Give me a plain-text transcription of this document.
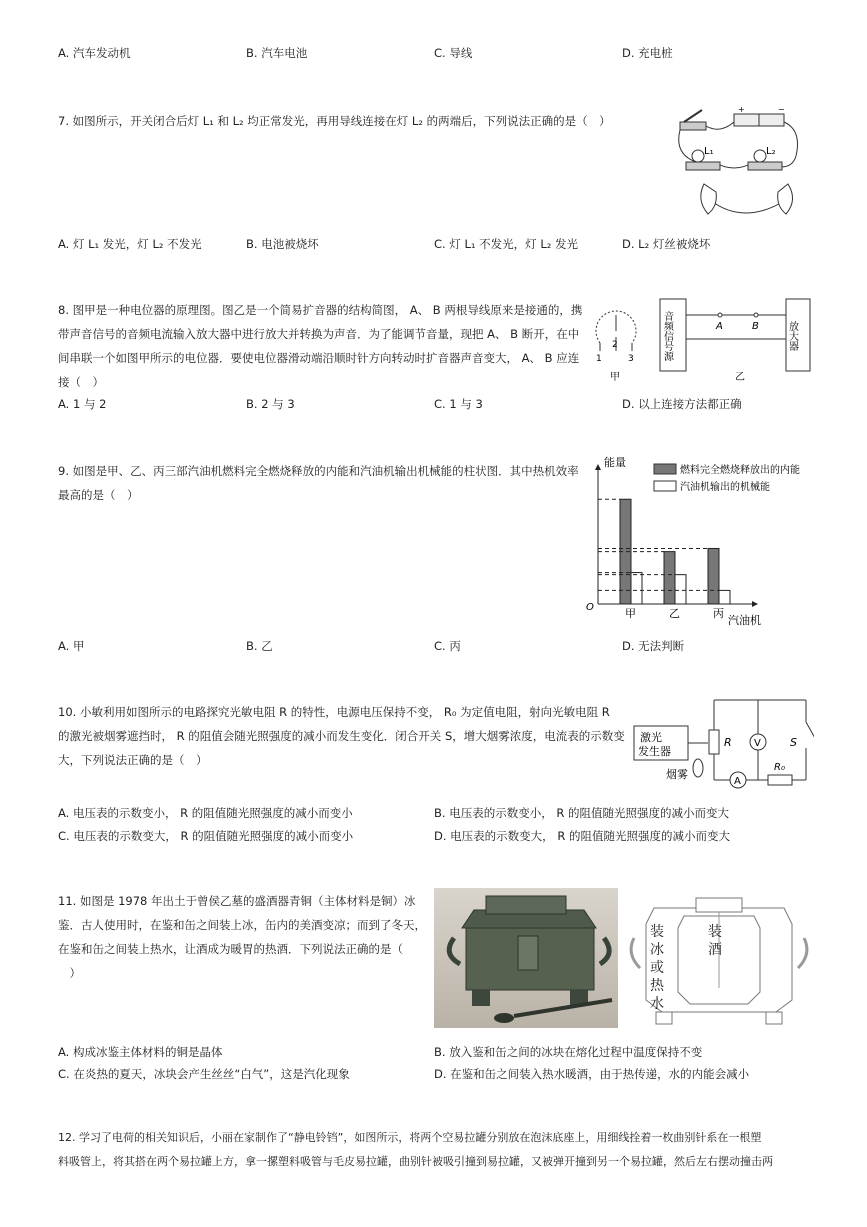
A. 汽车发动机	B. 汽车电池	C. 导线	D. 充电桩
7. 如图所示，开关闭合后灯 L₁ 和 L₂ 均正常发光，再用导线连接在灯 L₂ 的两端后，下列说法正确的是（　）
+	−
L₁	L₂
A. 灯 L₁ 发光，灯 L₂ 不发光	B. 电池被烧坏	C. 灯 L₁ 不发光，灯 L₂ 发光	D. L₂ 灯丝被烧坏
8. 图甲是一种电位器的原理图。图乙是一个简易扩音器的结构简图， A、 B 两根导线原来是接通的，携
带声音信号的音频电流输入放大器中进行放大并转换为声音．为了能调节音量，现把 A、 B 断开，在中
间串联一个如图甲所示的电位器．要使电位器滑动端沿顺时针方向转动时扩音器声音变大， A、 B 应连
接（　）
1
2
3
甲
音频信号源	放大器
A	B
乙
A. 1 与 2	B. 2 与 3	C. 1 与 3	D. 以上连接方法都正确
9. 如图是甲、乙、丙三部汽油机燃料完全燃烧释放的内能和汽油机输出机械能的柱状图．其中热机效率
最高的是（　）
能量
O
汽油机
燃料完全燃烧释放出的内能
汽油机输出的机械能
甲	乙	丙
A. 甲	B. 乙	C. 丙	D. 无法判断
10. 小敏利用如图所示的电路探究光敏电阻 R 的特性，电源电压保持不变， R₀ 为定值电阻，射向光敏电阻 R
的激光被烟雾遮挡时， R 的阻值会随光照强度的减小而发生变化．闭合开关 S，增大烟雾浓度，电流表的示数变
大，下列说法正确的是（　）
激光
发生器
烟雾
R V	S
A
R₀
A. 电压表的示数变小， R 的阻值随光照强度的减小而变小	B. 电压表的示数变小， R 的阻值随光照强度的减小而变大
C. 电压表的示数变大， R 的阻值随光照强度的减小而变小	D. 电压表的示数变大， R 的阻值随光照强度的减小而变大
11. 如图是 1978 年出土于曾侯乙墓的盛酒器青铜（主体材料是铜）冰
鉴．古人使用时，在鉴和缶之间装上冰，缶内的美酒变凉；而到了冬天，
在鉴和缶之间装上热水，让酒成为暖胃的热酒．下列说法正确的是（
　）
装
冰
或
热
水
装
酒
A. 构成冰鉴主体材料的铜是晶体	B. 放入鉴和缶之间的冰块在熔化过程中温度保持不变
C. 在炎热的夏天，冰块会产生丝丝“白气”，这是汽化现象	D. 在鉴和缶之间装入热水暖酒，由于热传递，水的内能会减小
12. 学习了电荷的相关知识后，小丽在家制作了“静电铃铛”，如图所示，将两个空易拉罐分别放在泡沫底座上，用细线拴着一枚曲别针系在一根塑
料吸管上，将其搭在两个易拉罐上方，拿一摞塑料吸管与毛皮易拉罐，曲别针被吸引撞到易拉罐，又被弹开撞到另一个易拉罐，然后左右摆动撞击两
